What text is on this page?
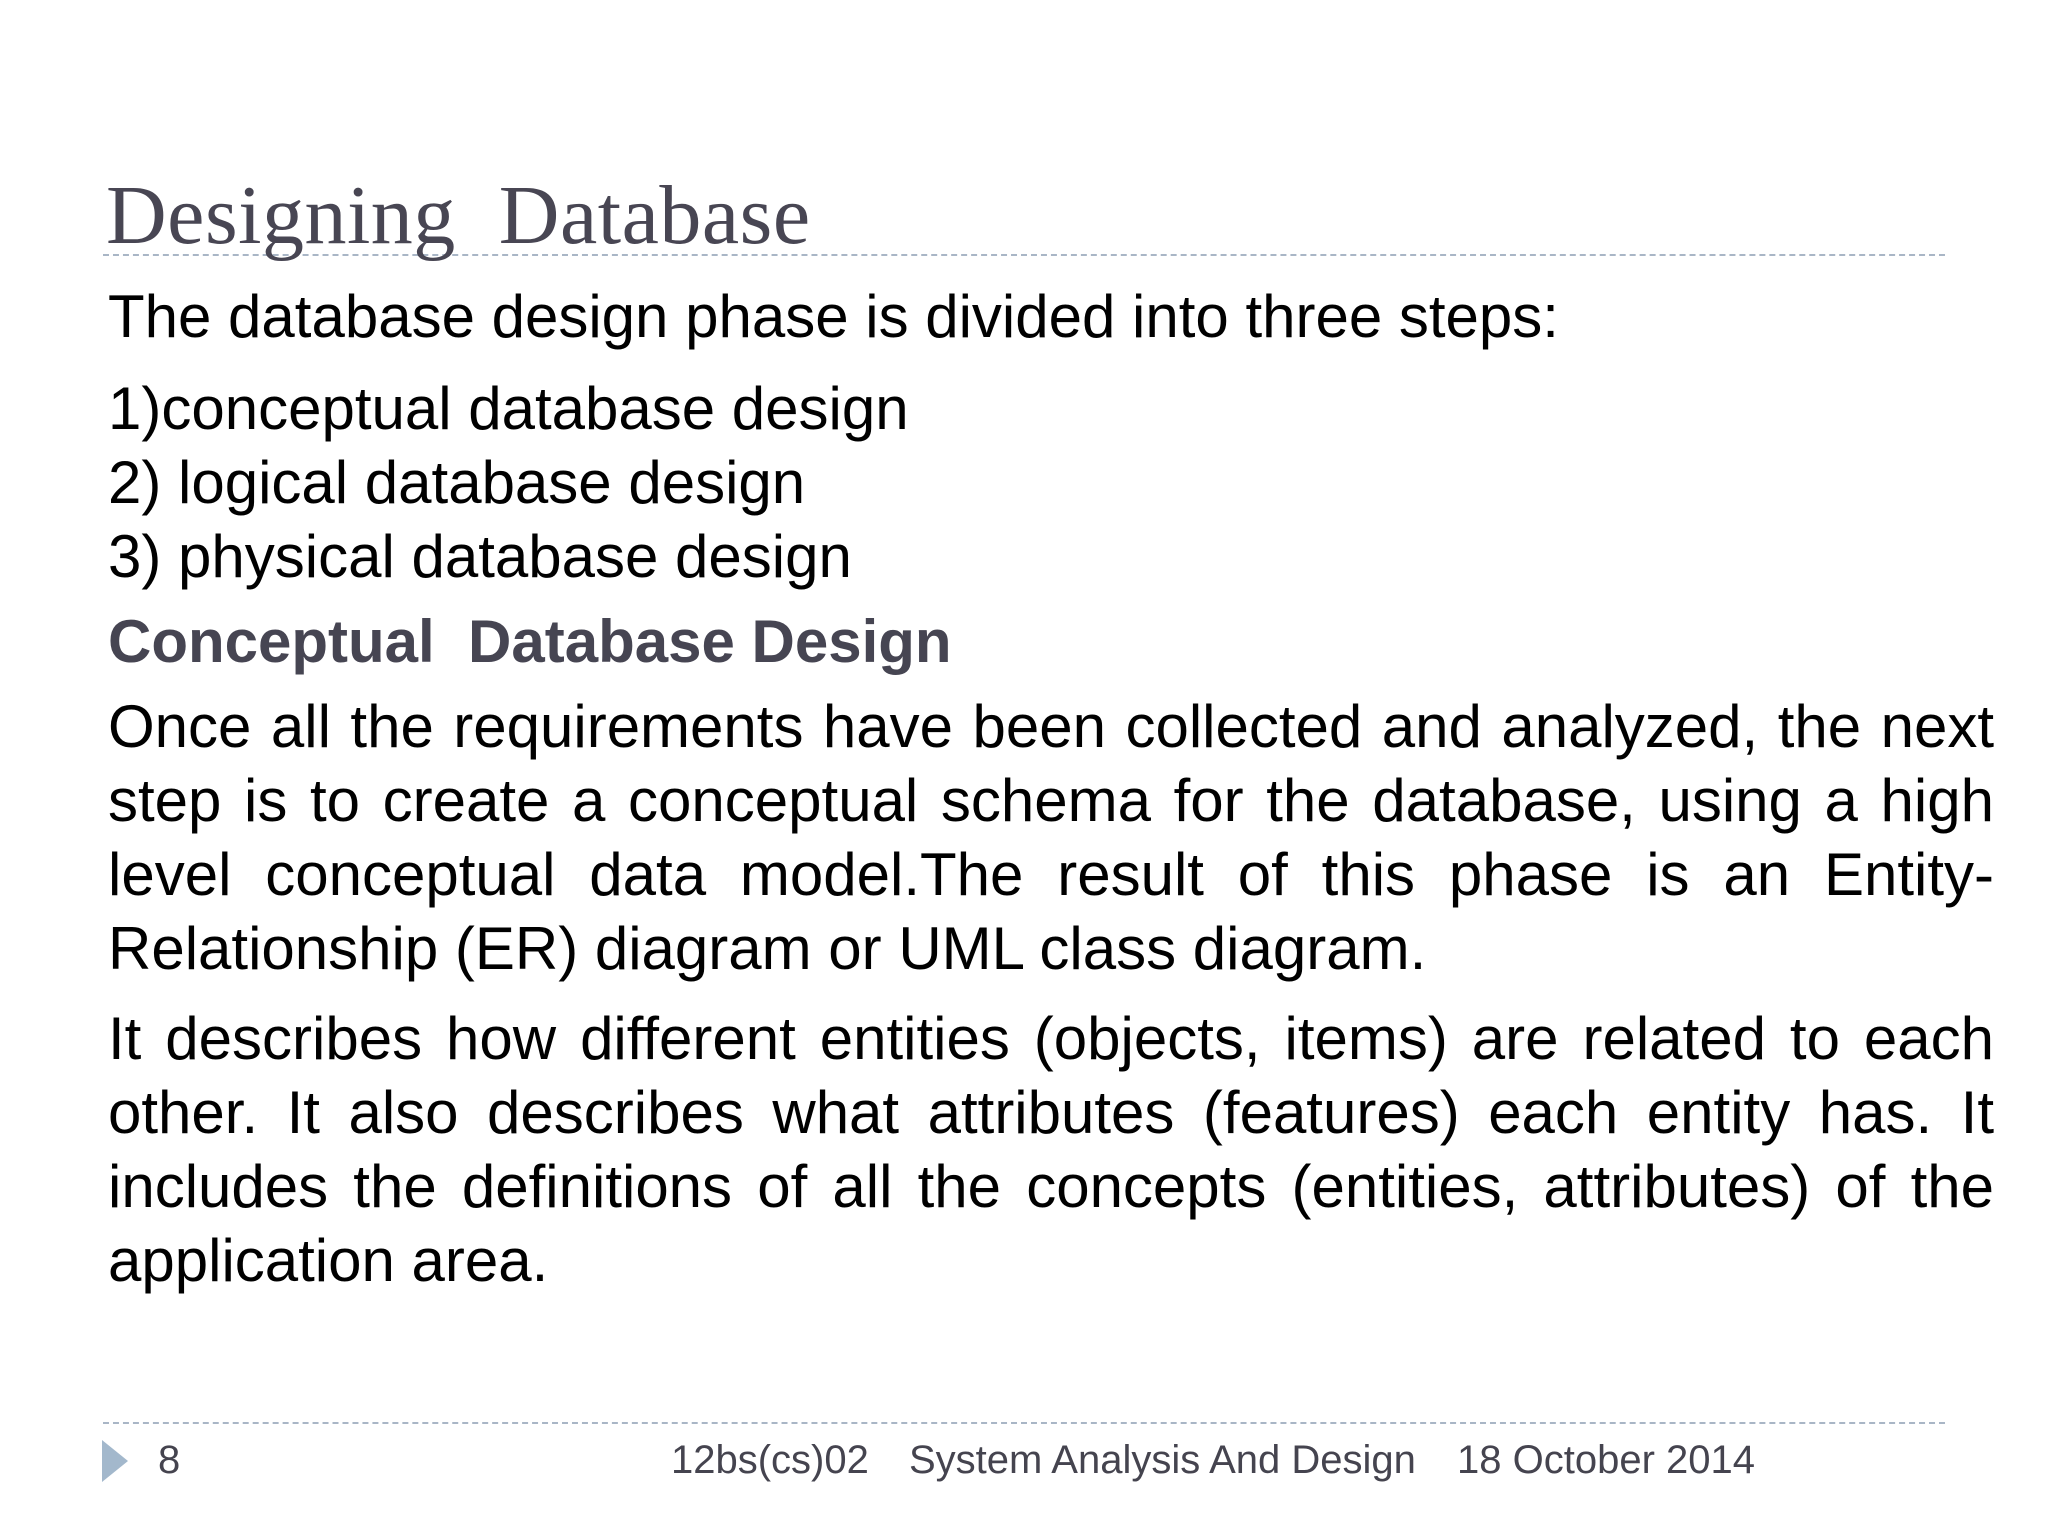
Designing  Database

The database design phase is divided into three steps:

1)conceptual database design
2) logical database design
3) physical database design
Conceptual  Database Design

Once all the requirements have been collected and analyzed, the next step is to create a conceptual schema for the database, using a high level conceptual data model.The result of this phase is an Entity-Relationship (ER) diagram or UML class diagram.

It describes how different entities (objects, items) are related to each other. It also describes what attributes (features) each entity has. It includes the definitions of all the concepts (entities, attributes) of the application area.

8	12bs(cs)02 System Analysis And Design 18 October 2014
